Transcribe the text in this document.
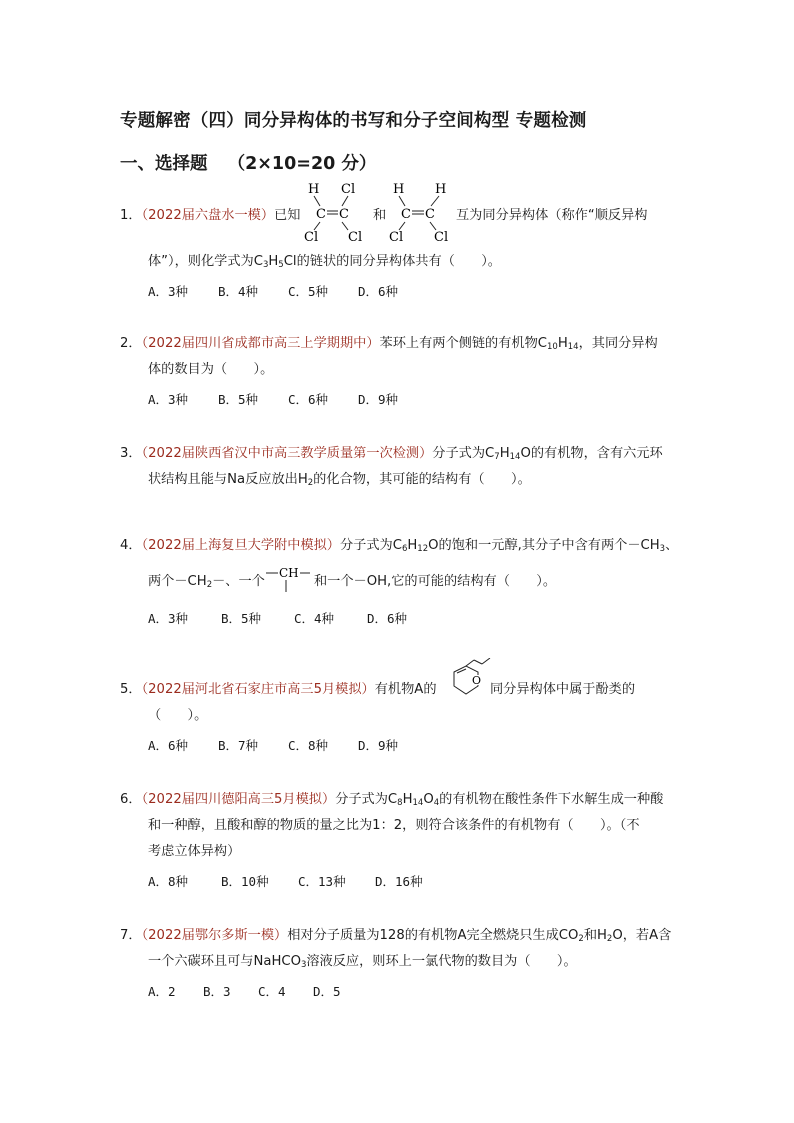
专题解密（四）同分异构体的书写和分子空间构型 专题检测
一、选择题 （2×10=20 分）
1．（2022届六盘水一模）已知
H Cl
C C
Cl Cl
和
H H
C C
Cl Cl
互为同分异构体（称作“顺反异构
体”），则化学式为$C_3H_5Cl$的链状的同分异构体共有（　　）。
A．3种 B．4种 C．5种 D．6种
2．（2022届四川省成都市高三上学期期中）苯环上有两个侧链的有机物$C_{10}H_{14}$，其同分异构
体的数目为（　　）。
A．3种 B．5种 C．6种 D．9种
3．（2022届陕西省汉中市高三教学质量第一次检测）分子式为$C_7H_{14}O$的有机物，含有六元环
状结构且能与Na反应放出$H_2$的化合物，其可能的结构有（　　）。
4．（2022届上海复旦大学附中模拟）分子式为$C_6H_{12}O$的饱和一元醇,其分子中含有两个$-CH_3$、
两个$-CH_2-$、一个
CH
和一个－OH,它的可能的结构有（　　）。
A．3种	B．5种	C．4种	D．6种
5．（2022届河北省石家庄市高三5月模拟）有机物A的
O
同分异构体中属于酚类的
（　　）。
A．6种 B．7种 C．8种 D．9种
6．（2022届四川德阳高三5月模拟）分子式为$C_8H_{14}O_4$的有机物在酸性条件下水解生成一种酸
和一种醇，且酸和醇的物质的量之比为1：2，则符合该条件的有机物有（　　）。（不
考虑立体异构）
A．8种	B．10种 C．13种 D．16种
7．（2022届鄂尔多斯一模）相对分子质量为128的有机物A完全燃烧只生成$CO_2$和$H_2O$，若A含
一个六碳环且可与NaHCO$_3$溶液反应，则环上一氯代物的数目为（　　）。
A．2 B．3 C．4 D．5
